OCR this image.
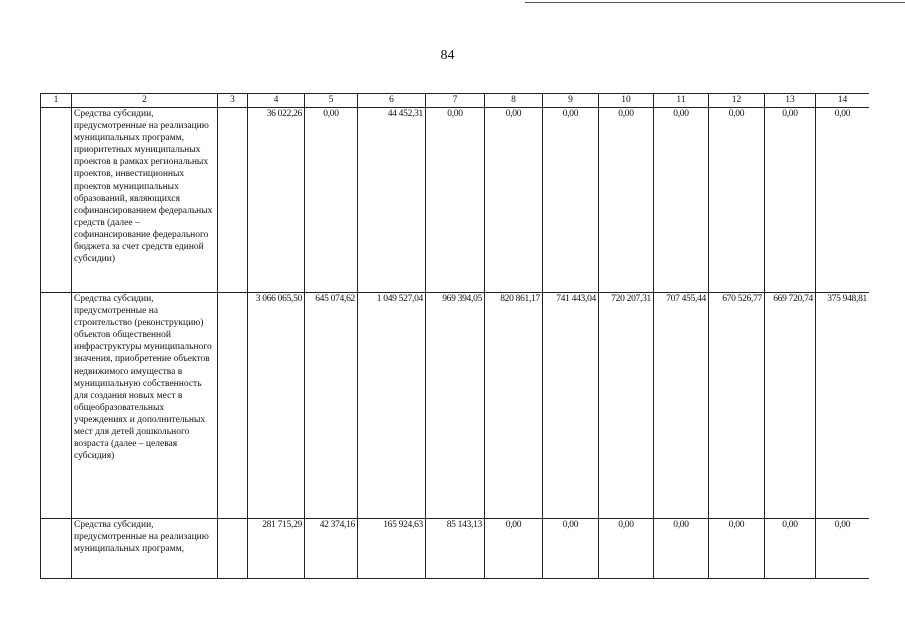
84
1	2	3	4	5	6	7	8	9	10	11	12	13	14
	Средства субсидии, предусмотренные на реализацию муниципальных программ, приоритетных муниципальных проектов в рамках региональных проектов, инвестиционных проектов муниципальных образований, являющихся софинансированием федеральных средств (далее – софинансирование федерального бюджета за счет средств единой субсидии)		36 022,26	0,00	44 452,31	0,00	0,00	0,00	0,00	0,00	0,00	0,00	0,00
	Средства субсидии, предусмотренные на строительство (реконструкцию) объектов общественной инфраструктуры муниципального значения, приобретение объектов недвижимого имущества в муниципальную собственность для создания новых мест в общеобразовательных учреждениях и дополнительных мест для детей дошкольного возраста (далее – целевая субсидия)		3 066 065,50	645 074,62	1 049 527,04	969 394,05	820 861,17	741 443,04	720 207,31	707 455,44	670 526,77	669 720,74	375 948,81
	Средства субсидии, предусмотренные на реализацию муниципальных программ,		281 715,29	42 374,16	165 924,63	85 143,13	0,00	0,00	0,00	0,00	0,00	0,00	0,00
